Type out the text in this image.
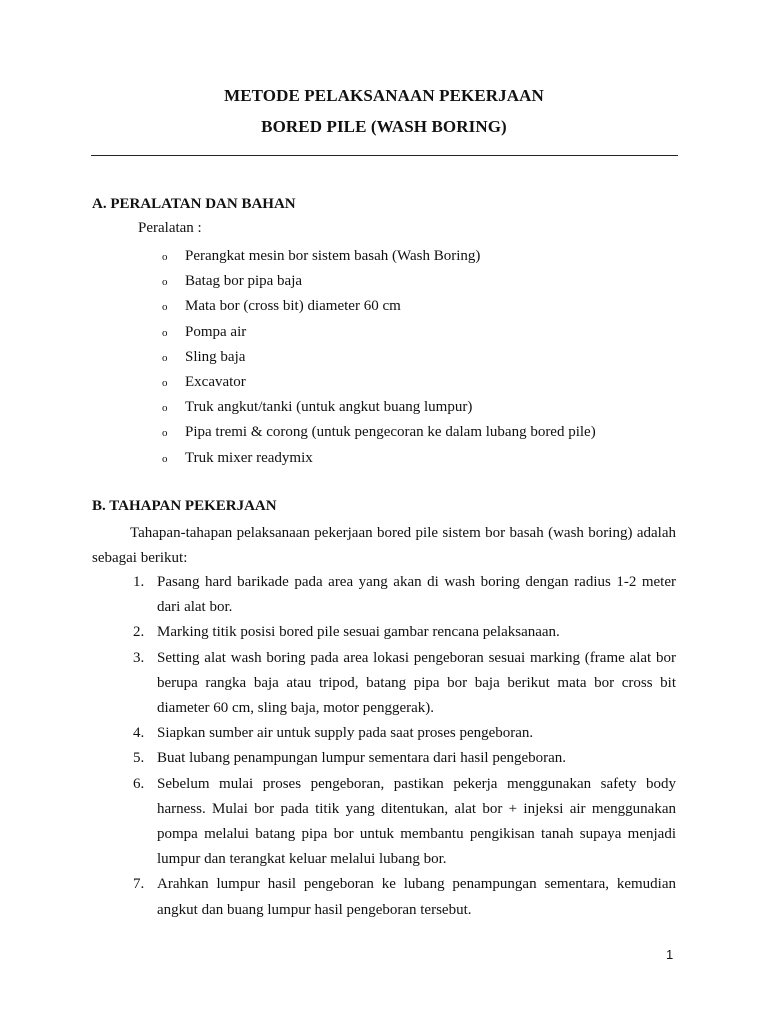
METODE PELAKSANAAN PEKERJAAN
BORED PILE (WASH BORING)
A. PERALATAN DAN BAHAN
Peralatan :
o Perangkat mesin bor sistem basah (Wash Boring)
o Batag bor pipa baja
o Mata bor (cross bit) diameter 60 cm
o Pompa air
o Sling baja
o Excavator
o Truk angkut/tanki (untuk angkut buang lumpur)
o Pipa tremi & corong (untuk pengecoran ke dalam lubang bored pile)
o Truk mixer readymix
B. TAHAPAN PEKERJAAN

Tahapan-tahapan pelaksanaan pekerjaan bored pile sistem bor basah (wash boring) adalah sebagai berikut:

1. Pasang hard barikade pada area yang akan di wash boring dengan radius 1-2 meter dari alat bor.
2. Marking titik posisi bored pile sesuai gambar rencana pelaksanaan.
3. Setting alat wash boring pada area lokasi pengeboran sesuai marking (frame alat bor berupa rangka baja atau tripod, batang pipa bor baja berikut mata bor cross bit diameter 60 cm, sling baja, motor penggerak).
4. Siapkan sumber air untuk supply pada saat proses pengeboran.
5. Buat lubang penampungan lumpur sementara dari hasil pengeboran.
6. Sebelum mulai proses pengeboran, pastikan pekerja menggunakan safety body harness. Mulai bor pada titik yang ditentukan, alat bor + injeksi air menggunakan pompa melalui batang pipa bor untuk membantu pengikisan tanah supaya menjadi lumpur dan terangkat keluar melalui lubang bor.
7. Arahkan lumpur hasil pengeboran ke lubang penampungan sementara, kemudian angkut dan buang lumpur hasil pengeboran tersebut.
1
